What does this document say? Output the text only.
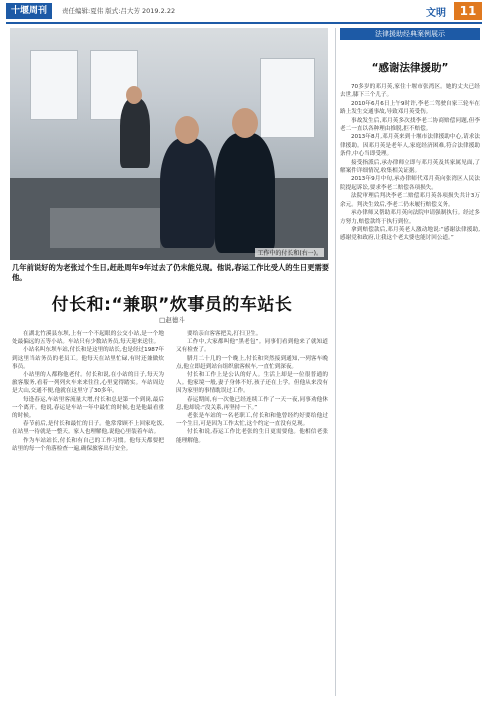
十堰周刊	责任编辑:夏伟 版式:吕大芳 2019.2.22	文明	11
工作中的付长和(右一)。
几年前说好的为老张过个生日,赶赴周年9年过去了仍未能兑现。他说,春运工作比受人的生日更需要他。
付长和:“兼职”炊事员的车站长
□赵德斗

在湖北竹溪县东坝,上有一个不起眼的公交小站,是一个地处最偏远的五等小站。车站只有少数站务员,每天迎来送往。

小站名叫东坝车站,付长和是这里的站长,也是经过1987年到这里当站务员的老员工。他每天在站里忙碌,有时还兼做炊事员。

小站里的人都称他老付。付长和说,在小站的日子,每天为旅客服务,看着一列列火车来来往往,心里觉得踏实。车站周边是大山,交通不便,他就在这里守了30多年。

每逢春运,车站里客流量大增,付长和总是第一个到岗,最后一个离开。他说,春运是车站一年中最忙的时候,也是他最看重的时候。

春节前后,是付长和最忙的日子。他常常顾不上回家吃饭,在站里一待就是一整天。家人也理解他,说他心里装着车站。

作为车站站长,付长和有自己的工作习惯。他每天都要把站里的每一个角落检查一遍,确保旅客出行安全。

要给亲自客客把关,打扫卫生。

工作中,大家都叫他“黑老包”。同事们看到他来了就知道又有检查了。

腊月二十几的一个晚上,付长和突然接到通知,一列客车晚点,他立即赶到站台组织旅客候车,一直忙到深夜。

付长和工作上是公认的好人。生活上却是一位很普通的人。他家境一般,妻子身体不好,孩子还在上学。但他从来没有因为家里的事情耽误过工作。

春运期间,有一次他已经连续工作了一天一夜,同事劝他休息,他却说:“没关系,再坚持一下。”

老张是车站的一名老职工,付长和和他曾经约好要给他过一个生日,可是因为工作太忙,这个约定一直没有兑现。

付长和说,春运工作比老张的生日更需要他。他相信老张能理解他。

法律援助经典案例展示
“感谢法律援助”

70多岁的邓月英,家住十堰市张湾区。她的丈夫已经去世,膝下三个儿子。

2010年6月6日上午9时许,李老二驾驶自家三轮车在路上发生交通事故,导致邓月英受伤。

事故发生后,邓月英多次找李老二协商赔偿问题,但李老二一直以各种理由推脱,拒不赔偿。

2013年8月,邓月英来到十堰市法律援助中心,请求法律援助。因邓月英是老年人,家庭经济困难,符合法律援助条件,中心当即受理。

接受指派后,承办律师立即与邓月英及其家属见面,了解案件详细情况,收集相关证据。

2013年9月中旬,承办律师代邓月英向张湾区人民法院提起诉讼,要求李老二赔偿各项损失。

法院审理后判决李老二赔偿邓月英各项损失共计3万余元。判决生效后,李老二仍未履行赔偿义务。

承办律师又帮助邓月英向法院申请强制执行。经过多方努力,赔偿款终于执行到位。

拿到赔偿款后,邓月英老人激动地说:“感谢法律援助,感谢党和政府,让我这个老太婆也能讨回公道。”
